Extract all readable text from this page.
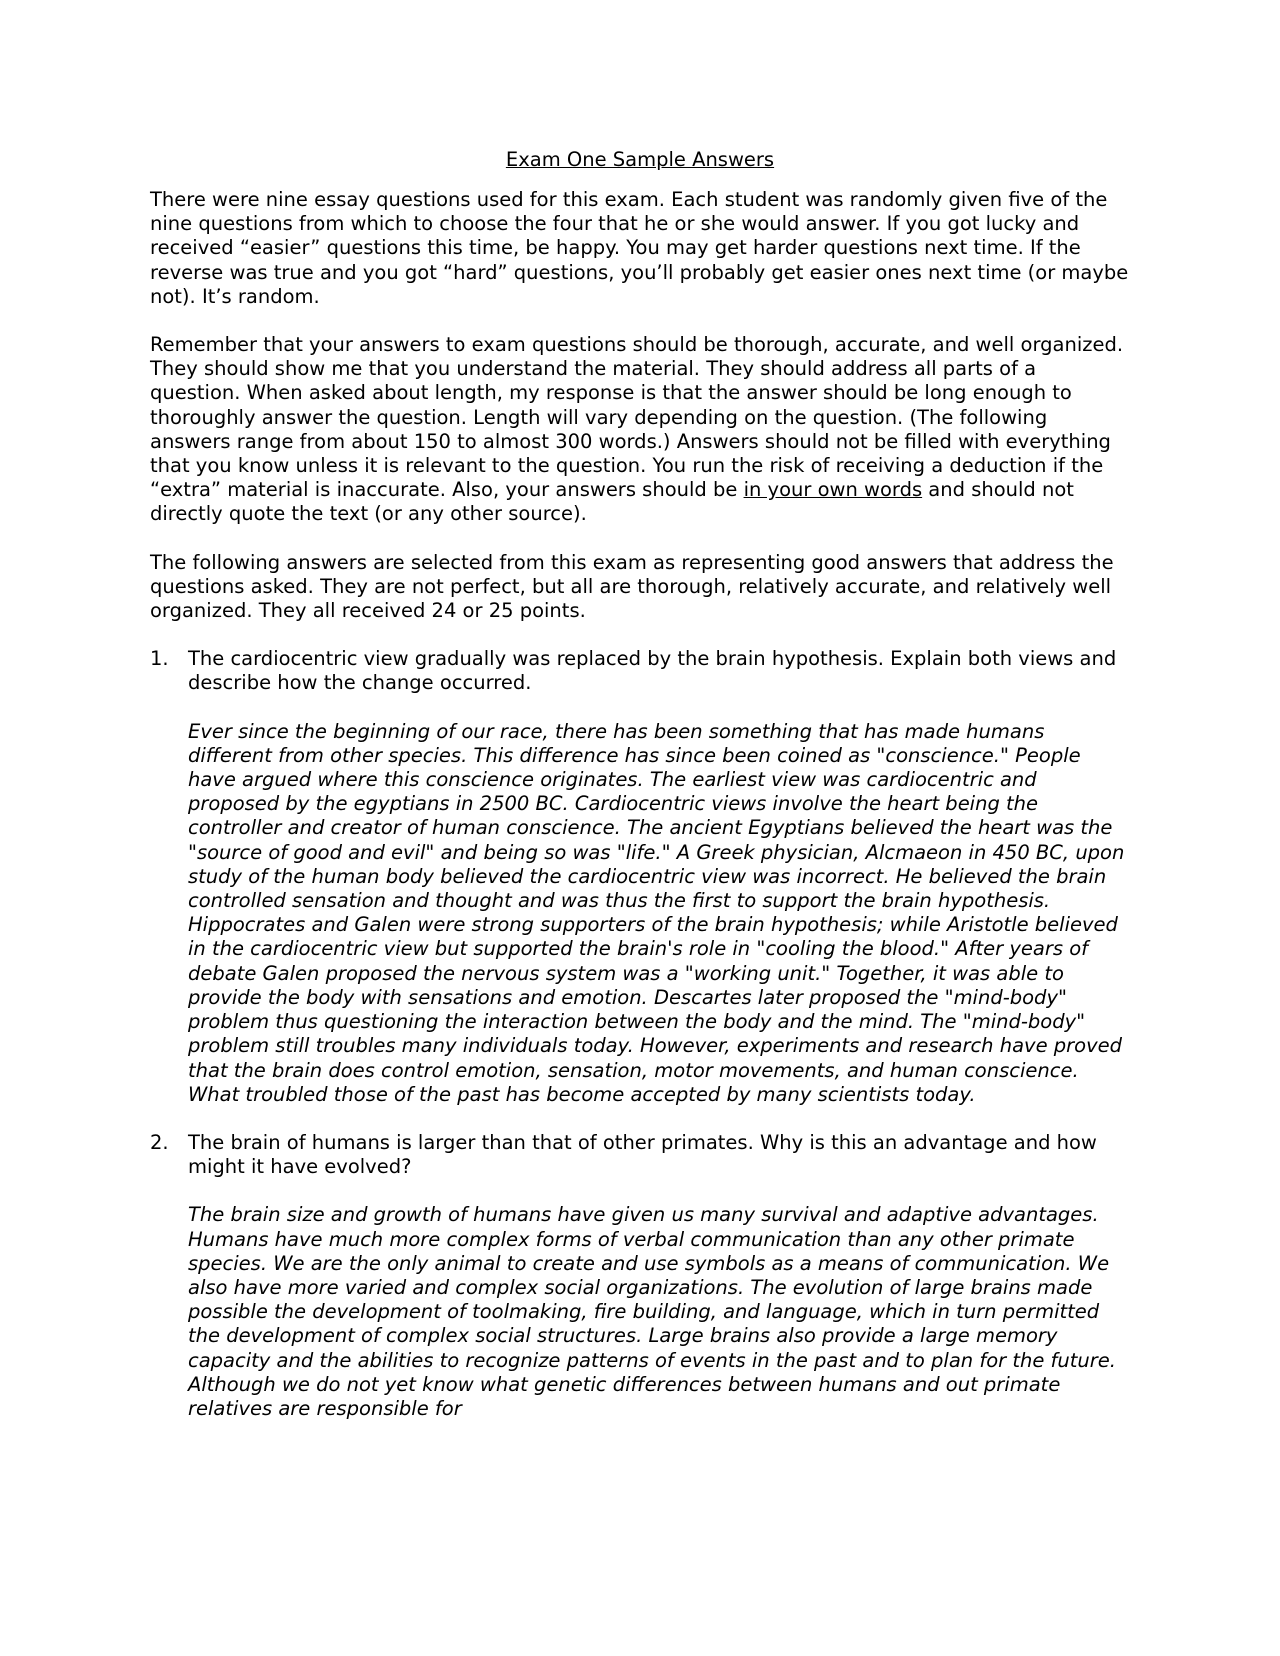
Exam One Sample Answers

There were nine essay questions used for this exam. Each student was randomly given five of the nine questions from which to choose the four that he or she would answer. If you got lucky and received “easier” questions this time, be happy. You may get harder questions next time. If the reverse was true and you got “hard” questions, you’ll probably get easier ones next time (or maybe not). It’s random.

Remember that your answers to exam questions should be thorough, accurate, and well organized. They should show me that you understand the material. They should address all parts of a question. When asked about length, my response is that the answer should be long enough to thoroughly answer the question. Length will vary depending on the question. (The following answers range from about 150 to almost 300 words.) Answers should not be filled with everything that you know unless it is relevant to the question. You run the risk of receiving a deduction if the “extra” material is inaccurate. Also, your answers should be in your own words and should not directly quote the text (or any other source).

The following answers are selected from this exam as representing good answers that address the questions asked. They are not perfect, but all are thorough, relatively accurate, and relatively well organized. They all received 24 or 25 points.

1. The cardiocentric view gradually was replaced by the brain hypothesis. Explain both views and describe how the change occurred.

Ever since the beginning of our race, there has been something that has made humans different from other species. This difference has since been coined as "conscience." People have argued where this conscience originates. The earliest view was cardiocentric and proposed by the egyptians in 2500 BC. Cardiocentric views involve the heart being the controller and creator of human conscience. The ancient Egyptians believed the heart was the "source of good and evil" and being so was "life." A Greek physician, Alcmaeon in 450 BC, upon study of the human body believed the cardiocentric view was incorrect. He believed the brain controlled sensation and thought and was thus the first to support the brain hypothesis. Hippocrates and Galen were strong supporters of the brain hypothesis; while Aristotle believed in the cardiocentric view but supported the brain's role in "cooling the blood." After years of debate Galen proposed the nervous system was a "working unit." Together, it was able to provide the body with sensations and emotion. Descartes later proposed the "mind-body" problem thus questioning the interaction between the body and the mind. The "mind-body" problem still troubles many individuals today. However, experiments and research have proved that the brain does control emotion, sensation, motor movements, and human conscience. What troubled those of the past has become accepted by many scientists today.

2. The brain of humans is larger than that of other primates. Why is this an advantage and how might it have evolved?

The brain size and growth of humans have given us many survival and adaptive advantages. Humans have much more complex forms of verbal communication than any other primate species. We are the only animal to create and use symbols as a means of communication. We also have more varied and complex social organizations. The evolution of large brains made possible the development of toolmaking, fire building, and language, which in turn permitted the development of complex social structures. Large brains also provide a large memory capacity and the abilities to recognize patterns of events in the past and to plan for the future. Although we do not yet know what genetic differences between humans and out primate relatives are responsible for
